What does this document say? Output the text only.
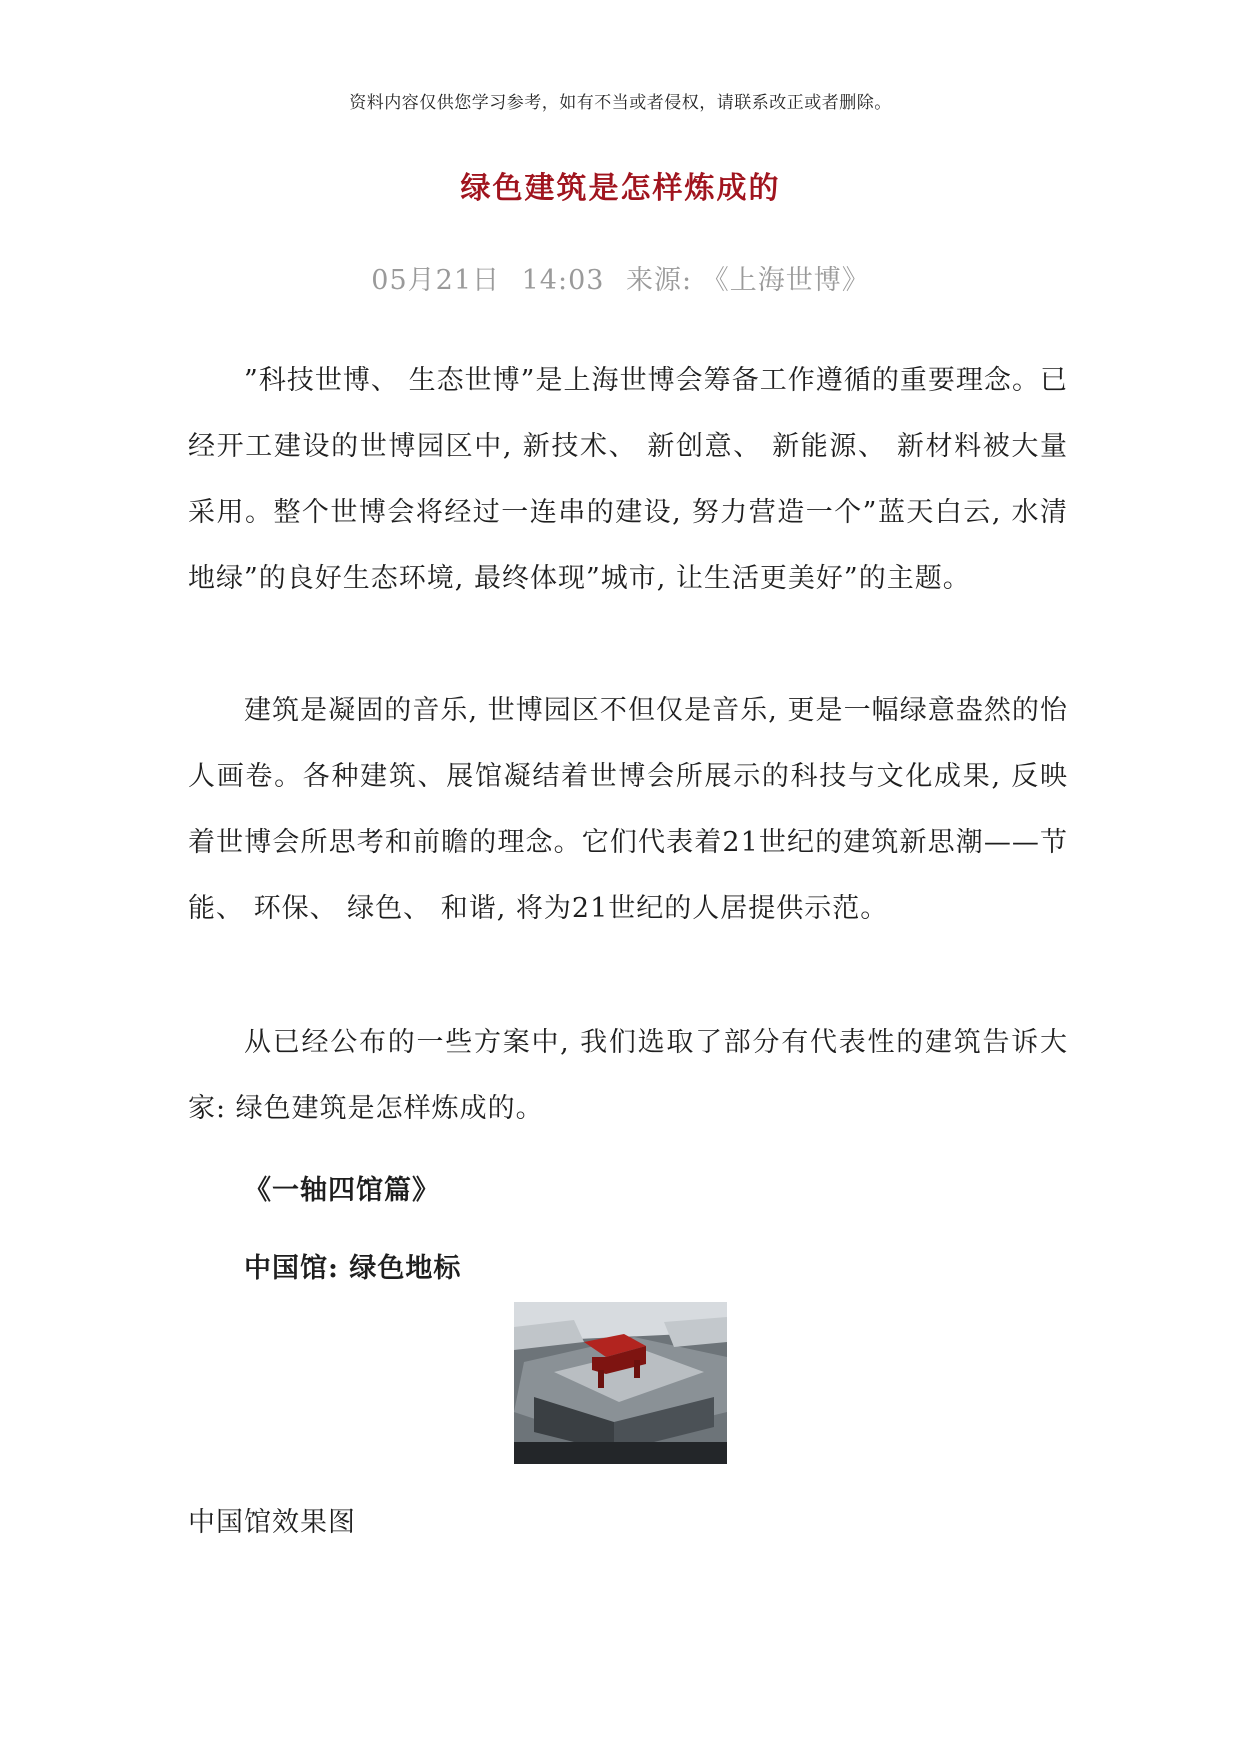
资料内容仅供您学习参考，如有不当或者侵权，请联系改正或者删除。
绿色建筑是怎样炼成的
05月21日 14:03 来源: 《上海世博》

”科技世博、 生态世博”是上海世博会筹备工作遵循的重要理念。已经开工建设的世博园区中, 新技术、 新创意、 新能源、 新材料被大量采用。整个世博会将经过一连串的建设, 努力营造一个”蓝天白云, 水清地绿”的良好生态环境, 最终体现”城市, 让生活更美好”的主题。

建筑是凝固的音乐, 世博园区不但仅是音乐, 更是一幅绿意盎然的怡人画卷。各种建筑、展馆凝结着世博会所展示的科技与文化成果, 反映着世博会所思考和前瞻的理念。它们代表着21世纪的建筑新思潮——节能、 环保、 绿色、 和谐, 将为21世纪的人居提供示范。

从已经公布的一些方案中, 我们选取了部分有代表性的建筑告诉大家: 绿色建筑是怎样炼成的。

《一轴四馆篇》
中国馆: 绿色地标
中国馆效果图
